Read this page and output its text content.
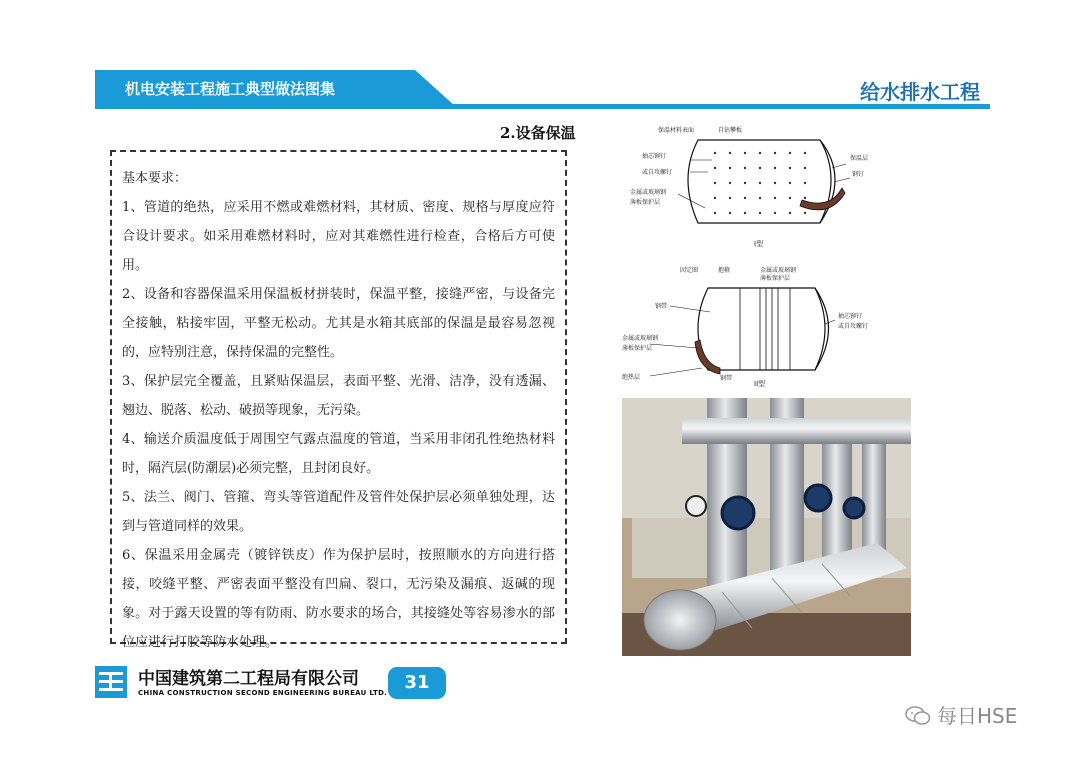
机电安装工程施工典型做法图集	给水排水工程
2.设备保温

基本要求：

1、管道的绝热，应采用不燃或难燃材料，其材质、密度、规格与厚度应符合设计要求。如采用难燃材料时，应对其难燃性进行检查，合格后方可使用。

2、设备和容器保温采用保温板材拼装时，保温平整，接缝严密，与设备完全接触，粘接牢固，平整无松动。尤其是水箱其底部的保温是最容易忽视的，应特别注意，保持保温的完整性。

3、保护层完全覆盖，且紧贴保温层，表面平整、光滑、洁净，没有透漏、翘边、脱落、松动、破损等现象，无污染。

4、输送介质温度低于周围空气露点温度的管道，当采用非闭孔性绝热材料时，隔汽层(防潮层)必须完整，且封闭良好。

5、法兰、阀门、管箍、弯头等管道配件及管件处保护层必须单独处理，达到与管道同样的效果。

6、保温采用金属壳（镀锌铁皮）作为保护层时，按照顺水的方向进行搭接，咬缝平整、严密表面平整没有凹扁、裂口，无污染及漏痕、返碱的现象。对于露天设置的等有防雨、防水要求的场合，其接缝处等容易渗水的部位应进行打胶等防水处理。

保温材料表面	自钻攀板
保温层
抽芯铆钉
或自攻螺钉	钢钉
金属或玻璃钢
薄板保护层
I型
固定圈	抱箍	金属或玻璃钢
薄板保护层
钢带
抽芯铆钉
或自攻螺钉
金属或玻璃钢
薄板保护层
绝热层	钢带
II型
中国建筑第二工程局有限公司
CHINA CONSTRUCTION SECOND ENGINEERING BUREAU LTD. 31
每日HSE
